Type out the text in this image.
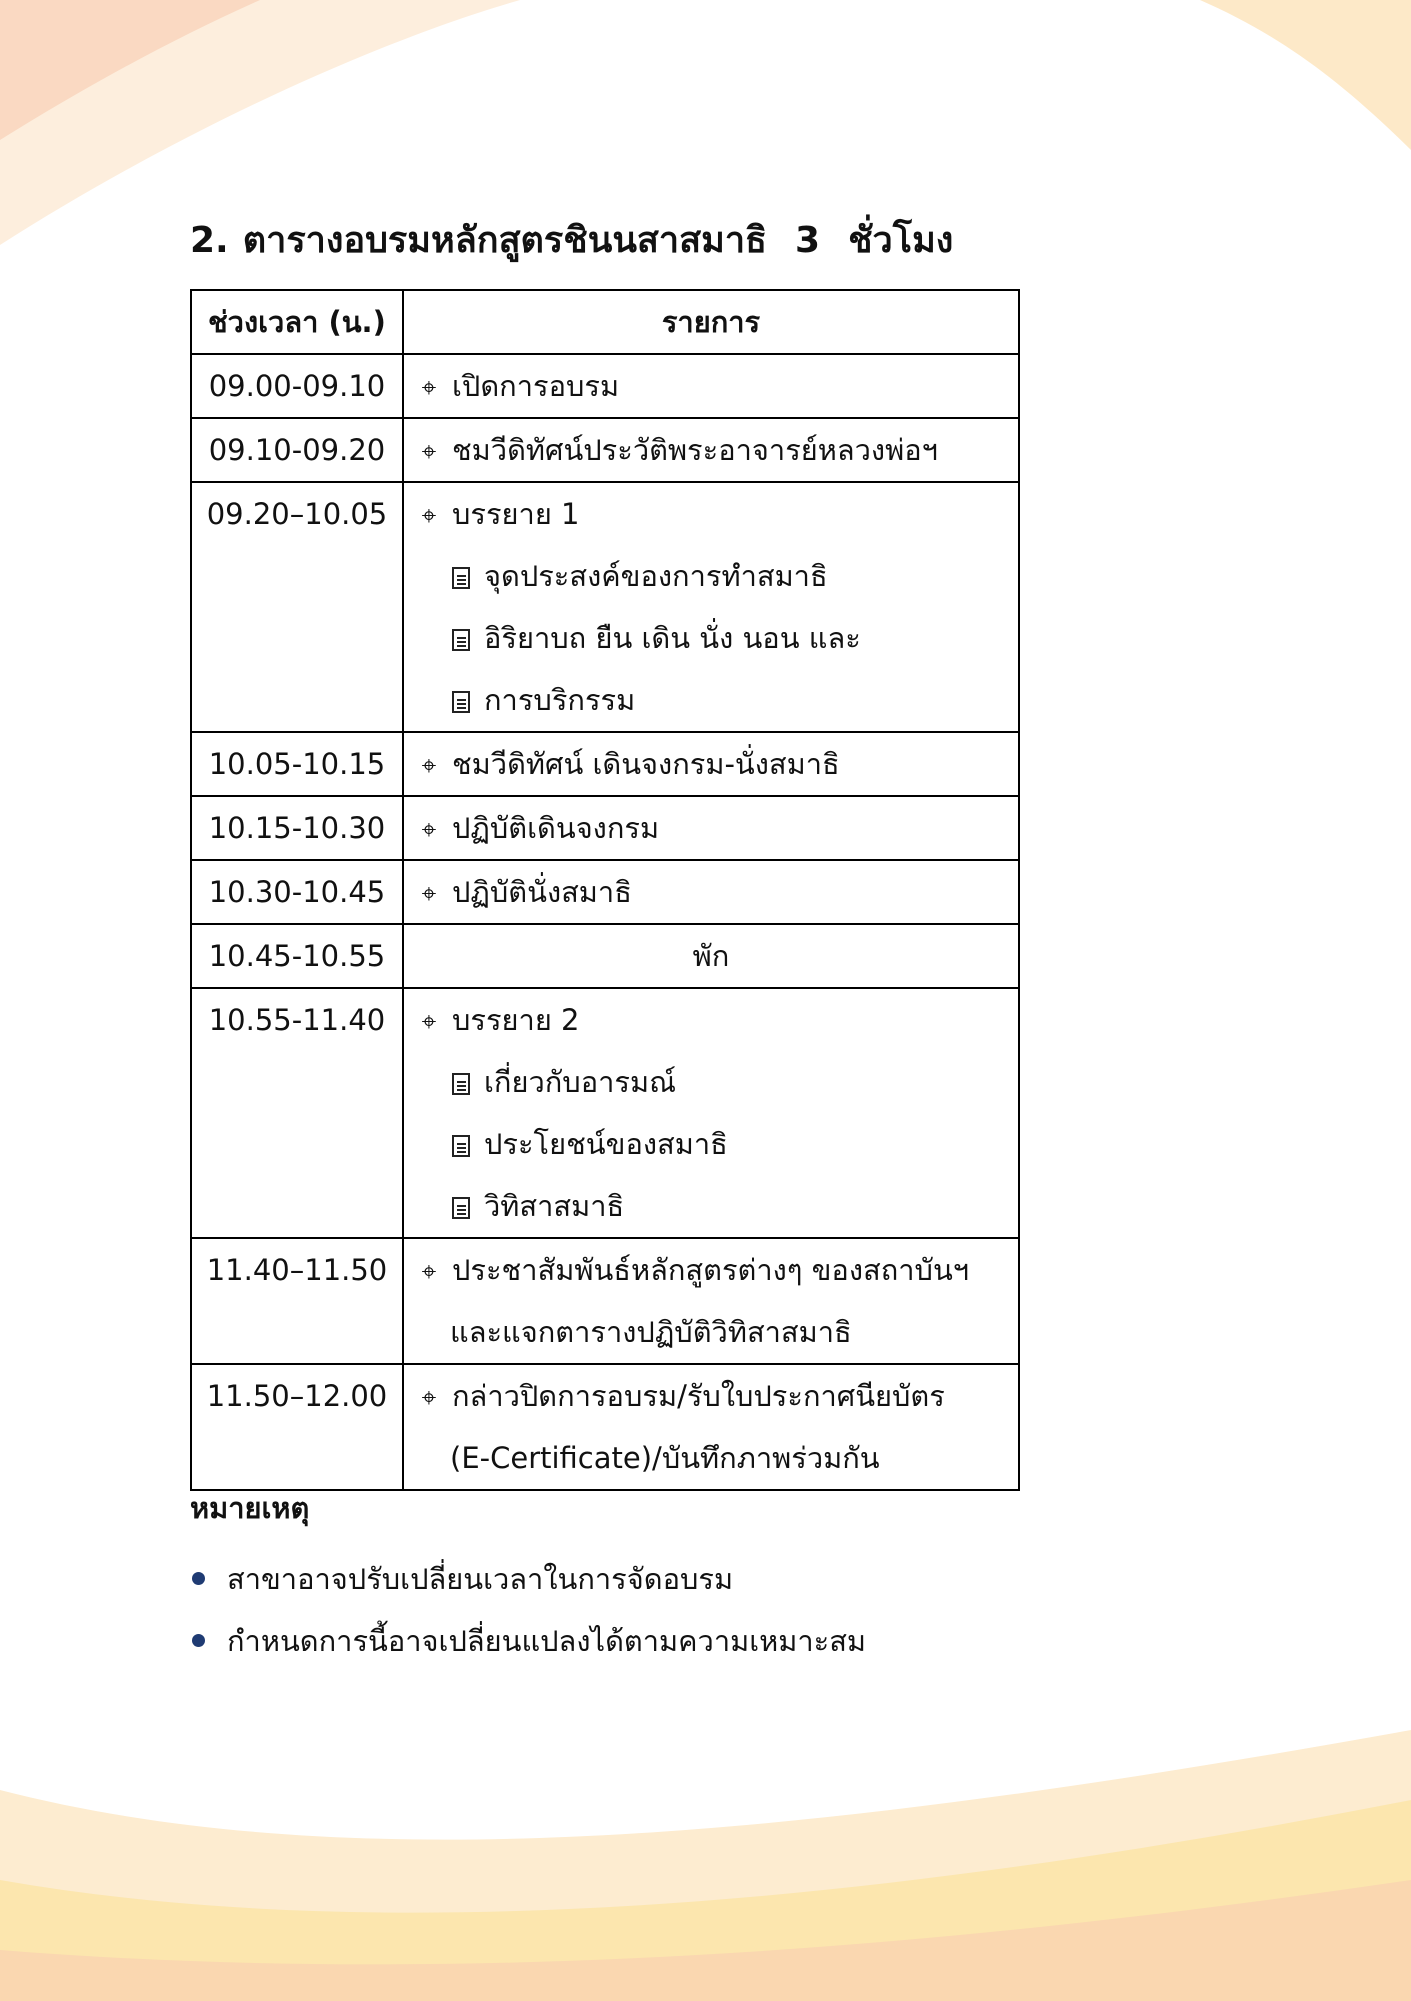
2. ตารางอบรมหลักสูตรชินนสาสมาธิ 3 ชั่วโมง
ช่วงเวลา (น.)	รายการ

09.00-09.10	⌖ เปิดการอบรม

09.10-09.20	⌖ ชมวีดิทัศน์ประวัติพระอาจารย์หลวงพ่อฯ

09.20–10.05	⌖ บรรยาย 1
จุดประสงค์ของการทำสมาธิ
อิริยาบถ ยืน เดิน นั่ง นอน และ
การบริกรรม

10.05-10.15	⌖ ชมวีดิทัศน์ เดินจงกรม-นั่งสมาธิ

10.15-10.30	⌖ ปฏิบัติเดินจงกรม

10.30-10.45	⌖ ปฏิบัตินั่งสมาธิ

10.45-10.55	พัก

10.55-11.40	⌖ บรรยาย 2
เกี่ยวกับอารมณ์
ประโยชน์ของสมาธิ
วิทิสาสมาธิ

11.40–11.50	⌖ ประชาสัมพันธ์หลักสูตรต่างๆ ของสถาบันฯ
และแจกตารางปฏิบัติวิทิสาสมาธิ

11.50–12.00	⌖ กล่าวปิดการอบรม/รับใบประกาศนียบัตร
(E-Certificate)/บันทึกภาพร่วมกัน
หมายเหตุ
สาขาอาจปรับเปลี่ยนเวลาในการจัดอบรม
กำหนดการนี้อาจเปลี่ยนแปลงได้ตามความเหมาะสม
